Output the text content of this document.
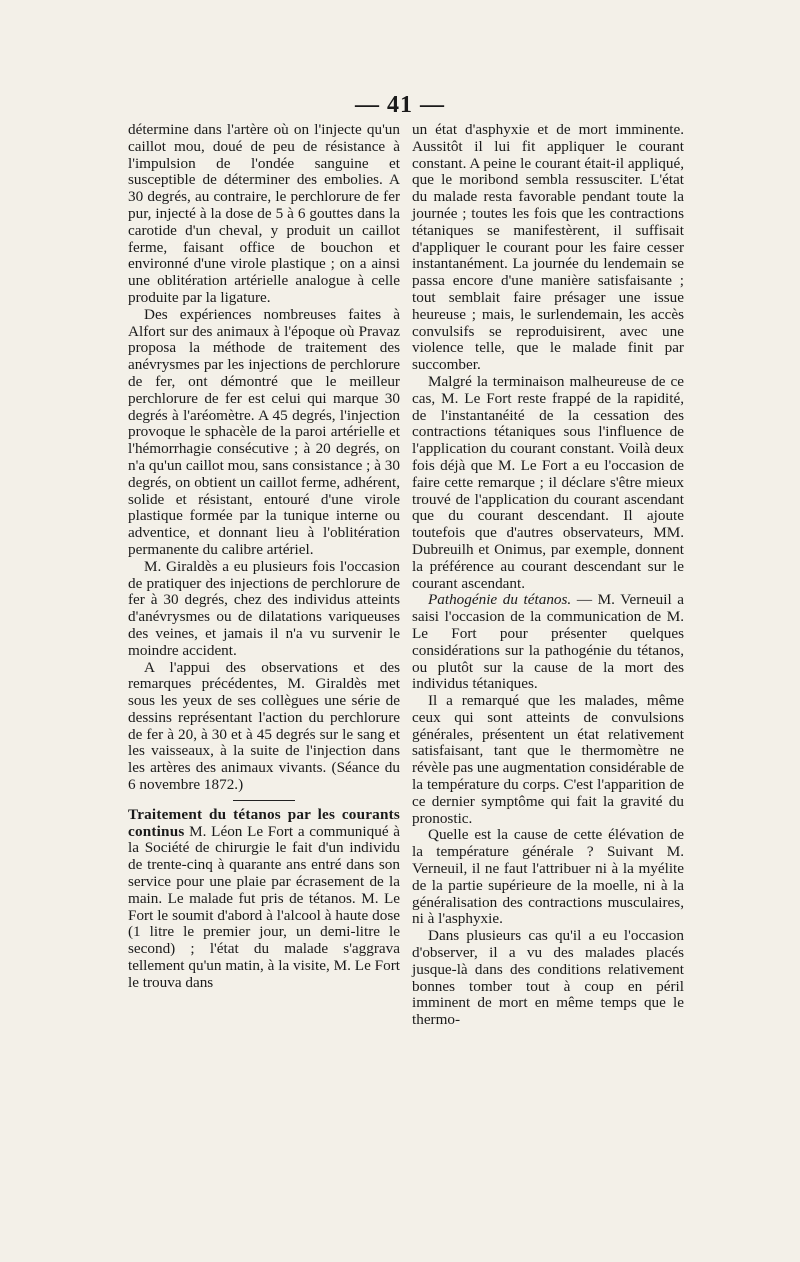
— 41 —

détermine dans l'artère où on l'injecte qu'un caillot mou, doué de peu de résistance à l'impulsion de l'ondée sanguine et susceptible de déterminer des embolies. A 30 degrés, au contraire, le perchlorure de fer pur, injecté à la dose de 5 à 6 gouttes dans la carotide d'un cheval, y produit un caillot ferme, faisant office de bouchon et environné d'une virole plastique ; on a ainsi une oblitération artérielle analogue à celle produite par la ligature.

Des expériences nombreuses faites à Alfort sur des animaux à l'époque où Pravaz proposa la méthode de traitement des anévrysmes par les injections de perchlorure de fer, ont démontré que le meilleur perchlorure de fer est celui qui marque 30 degrés à l'aréomètre. A 45 degrés, l'injection provoque le sphacèle de la paroi artérielle et l'hémorrhagie consécutive ; à 20 degrés, on n'a qu'un caillot mou, sans consistance ; à 30 degrés, on obtient un caillot ferme, adhérent, solide et résistant, entouré d'une virole plastique formée par la tunique interne ou adventice, et donnant lieu à l'oblitération permanente du calibre artériel.

M. Giraldès a eu plusieurs fois l'occasion de pratiquer des injections de perchlorure de fer à 30 degrés, chez des individus atteints d'anévrysmes ou de dilatations variqueuses des veines, et jamais il n'a vu survenir le moindre accident.

A l'appui des observations et des remarques précédentes, M. Giraldès met sous les yeux de ses collègues une série de dessins représentant l'action du perchlorure de fer à 20, à 30 et à 45 degrés sur le sang et les vaisseaux, à la suite de l'injection dans les artères des animaux vivants. (Séance du 6 novembre 1872.)

Traitement du tétanos par les courants continus M. Léon Le Fort a communiqué à la Société de chirurgie le fait d'un individu de trente-cinq à quarante ans entré dans son service pour une plaie par écrasement de la main. Le malade fut pris de tétanos. M. Le Fort le soumit d'abord à l'alcool à haute dose (1 litre le premier jour, un demi-litre le second) ; l'état du malade s'aggrava tellement qu'un matin, à la visite, M. Le Fort le trouva dans

un état d'asphyxie et de mort imminente. Aussitôt il lui fit appliquer le courant constant. A peine le courant était-il appliqué, que le moribond sembla ressusciter. L'état du malade resta favorable pendant toute la journée ; toutes les fois que les contractions tétaniques se manifestèrent, il suffisait d'appliquer le courant pour les faire cesser instantanément. La journée du lendemain se passa encore d'une manière satisfaisante ; tout semblait faire présager une issue heureuse ; mais, le surlendemain, les accès convulsifs se reproduisirent, avec une violence telle, que le malade finit par succomber.

Malgré la terminaison malheureuse de ce cas, M. Le Fort reste frappé de la rapidité, de l'instantanéité de la cessation des contractions tétaniques sous l'influence de l'application du courant constant. Voilà deux fois déjà que M. Le Fort a eu l'occasion de faire cette remarque ; il déclare s'être mieux trouvé de l'application du courant ascendant que du courant descendant. Il ajoute toutefois que d'autres observateurs, MM. Dubreuilh et Onimus, par exemple, donnent la préférence au courant descendant sur le courant ascendant.

Pathogénie du tétanos. — M. Verneuil a saisi l'occasion de la communication de M. Le Fort pour présenter quelques considérations sur la pathogénie du tétanos, ou plutôt sur la cause de la mort des individus tétaniques.

Il a remarqué que les malades, même ceux qui sont atteints de convulsions générales, présentent un état relativement satisfaisant, tant que le thermomètre ne révèle pas une augmentation considérable de la température du corps. C'est l'apparition de ce dernier symptôme qui fait la gravité du pronostic.

Quelle est la cause de cette élévation de la température générale ? Suivant M. Verneuil, il ne faut l'attribuer ni à la myélite de la partie supérieure de la moelle, ni à la généralisation des contractions musculaires, ni à l'asphyxie.

Dans plusieurs cas qu'il a eu l'occasion d'observer, il a vu des malades placés jusque-là dans des conditions relativement bonnes tomber tout à coup en péril imminent de mort en même temps que le thermo-
